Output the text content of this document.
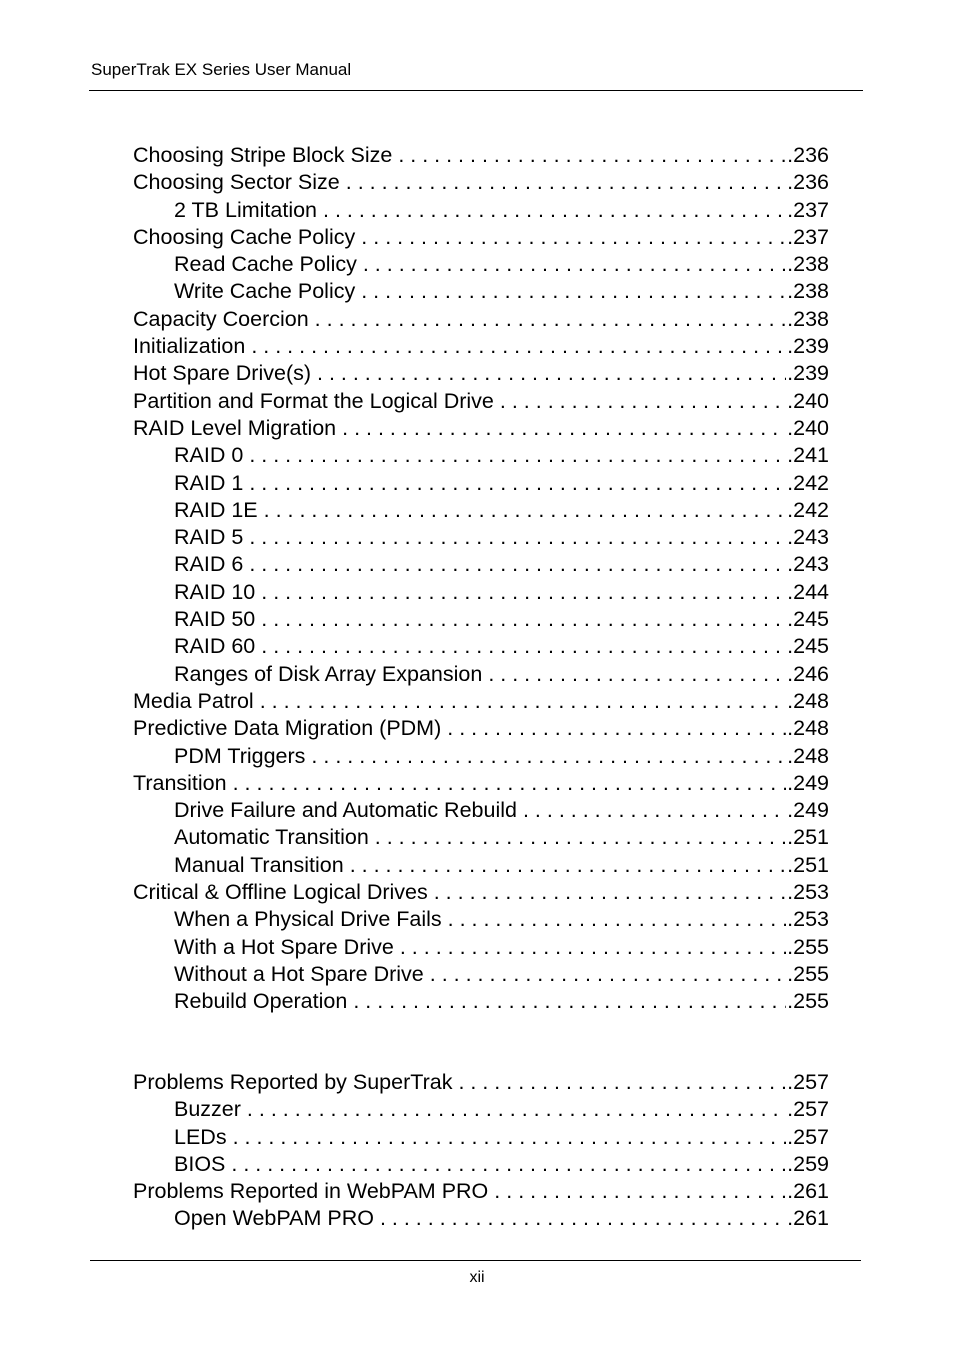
SuperTrak EX Series User Manual
Choosing Stripe Block Size . . .	.236
Choosing Sector Size . . .	.236
2 TB Limitation . . .	.237
Choosing Cache Policy . . .	.237
Read Cache Policy . . .	.238
Write Cache Policy . . .	.238
Capacity Coercion . . .	.238
Initialization . . .	.239
Hot Spare Drive(s) . . .	.239
Partition and Format the Logical Drive . . .	.240
RAID Level Migration . . .	.240
RAID 0 . . .	.241
RAID 1 . . .	.242
RAID 1E . . .	.242
RAID 5 . . .	.243
RAID 6 . . .	.243
RAID 10 . . .	.244
RAID 50 . . .	.245
RAID 60 . . .	.245
Ranges of Disk Array Expansion . . .	.246
Media Patrol . . .	.248
Predictive Data Migration (PDM) . . .	.248
PDM Triggers . . .	.248
Transition . . .	.249
Drive Failure and Automatic Rebuild . . .	.249
Automatic Transition . . .	.251
Manual Transition . . .	.251
Critical & Offline Logical Drives . . .	.253
When a Physical Drive Fails . . .	.253
With a Hot Spare Drive . . .	.255
Without a Hot Spare Drive . . .	.255
Rebuild Operation . . .	.255
Problems Reported by SuperTrak . . .	.257
Buzzer . . .	.257
LEDs . . .	.257
BIOS . . .	.259
Problems Reported in WebPAM PRO . . .	.261
Open WebPAM PRO . . .	.261
xii
